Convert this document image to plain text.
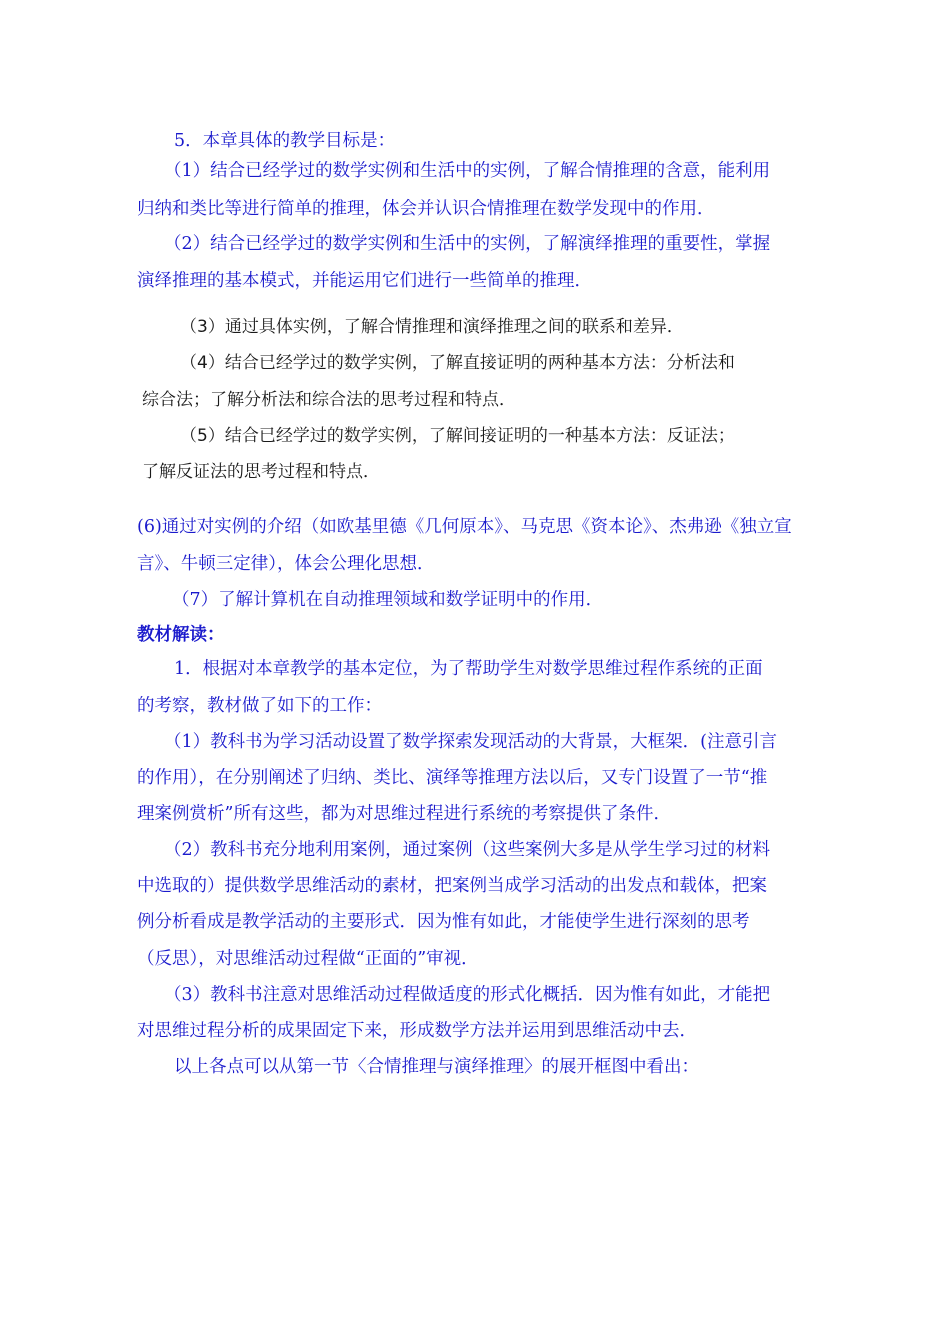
5．本章具体的教学目标是：

（1）结合已经学过的数学实例和生活中的实例，了解合情推理的含意，能利用

归纳和类比等进行简单的推理，体会并认识合情推理在数学发现中的作用．

（2）结合已经学过的数学实例和生活中的实例，了解演绎推理的重要性，掌握

演绎推理的基本模式，并能运用它们进行一些简单的推理．

（3）通过具体实例，了解合情推理和演绎推理之间的联系和差异．

（4）结合已经学过的数学实例，了解直接证明的两种基本方法：分析法和

综合法；了解分析法和综合法的思考过程和特点．

（5）结合已经学过的数学实例，了解间接证明的一种基本方法：反证法；

了解反证法的思考过程和特点．

(6)通过对实例的介绍（如欧基里德《几何原本》、马克思《资本论》、杰弗逊《独立宣

言》、牛顿三定律），体会公理化思想．

（7）了解计算机在自动推理领域和数学证明中的作用．

教材解读：

1．根据对本章教学的基本定位，为了帮助学生对数学思维过程作系统的正面

的考察，教材做了如下的工作：

（1）教科书为学习活动设置了数学探索发现活动的大背景，大框架．(注意引言

的作用），在分别阐述了归纳、类比、演绎等推理方法以后，又专门设置了一节“推

理案例赏析”所有这些，都为对思维过程进行系统的考察提供了条件．

（2）教科书充分地利用案例，通过案例（这些案例大多是从学生学习过的材料

中选取的）提供数学思维活动的素材，把案例当成学习活动的出发点和载体，把案

例分析看成是教学活动的主要形式．因为惟有如此，才能使学生进行深刻的思考

（反思），对思维活动过程做“正面的”审视．

（3）教科书注意对思维活动过程做适度的形式化概括．因为惟有如此，才能把

对思维过程分析的成果固定下来，形成数学方法并运用到思维活动中去．

以上各点可以从第一节〈合情推理与演绎推理〉的展开框图中看出：
